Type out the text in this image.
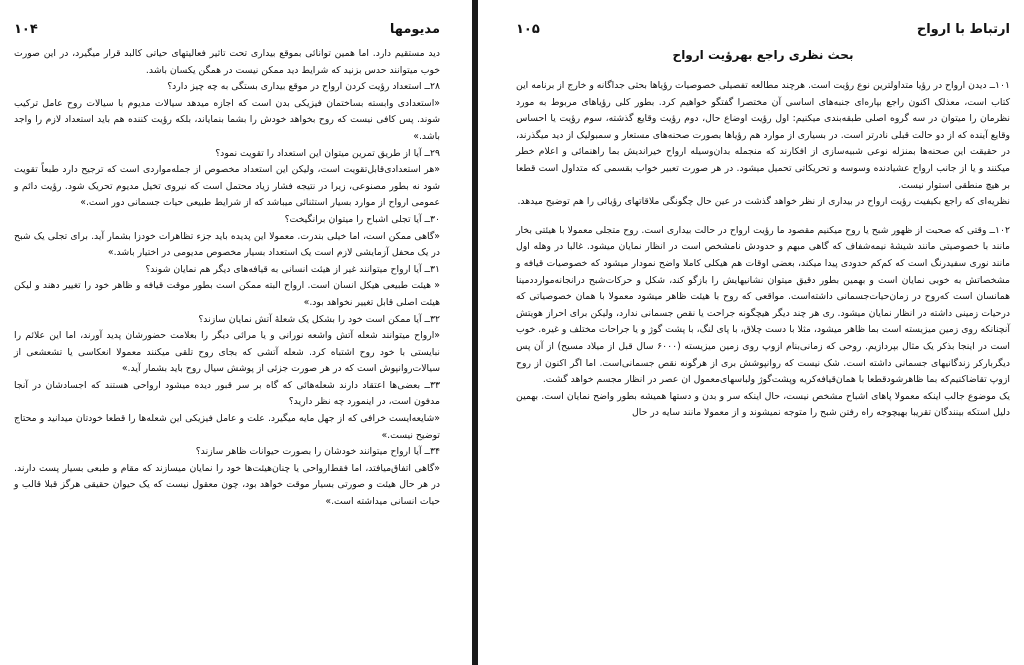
مدیومها
۱۰۴

دید مستقیم دارد. اما همین توانائی بموقع بیداری تحت تاثیر فعالیتهای حیاتی کالبد قرار میگیرد، در این صورت خوب میتوانند حدس بزنید که شرایط دید ممکن نیست در همگن یکسان باشد.

۲۸ــ استعداد رؤیت کردن ارواح در موقع بیداری بستگی به چه چیز دارد؟

«استعدادی وابسته بساختمان فیزیکی بدن است که اجازه میدهد سیالات مدیوم با سیالات روح عامل ترکیب شوند. پس کافی نیست که روح بخواهد خودش را بشما بنمایاند، بلکه رؤیت کننده هم باید استعداد لازم را واجد باشد.»

۲۹ــ آیا از طریق تمرین میتوان این استعداد را تقویت نمود؟

«هر استعدادی‌قابل‌تقویت است، ولیکن این استعداد مخصوص از جمله‌مواردی است که ترجیح دارد طبعاً تقویت شود نه بطور مصنوعی، زیرا در نتیجه فشار زیاد محتمل است که نیروی تخیل مدیوم تحریک شود. رؤیت دائم و عمومی ارواح از موارد بسیار استثنائی میباشد که از شرایط طبیعی حیات جسمانی دور است.»

۳۰ــ آیا تجلی اشباح را میتوان برانگیخت؟

«گاهی ممکن است، اما خیلی بندرت. معمولا این پدیده باید جزء تظاهرات خودزا بشمار آید. برای تجلی یک شبح در یک محفل آزمایشی لازم است یک استعداد بسیار مخصوص مدیومی در اختیار باشد.»

۳۱ــ آیا ارواح میتوانند غیر از هیئت انسانی به قیافه‌های دیگر هم نمایان شوند؟

« هیئت طبیعی هیکل انسان است. ارواح البته ممکن است بطور موقت قیافه و ظاهر خود را تغییر دهند و لیکن هیئت اصلی قابل تغییر نخواهد بود.»

۳۲ــ آیا ممکن است خود را بشکل یک شعلهٔ آتش نمایان سازند؟

«ارواح میتوانند شعله آتش واشعه نورانی و یا مرائی دیگر را بعلامت حضورشان پدید آورند، اما این علائم را نبایستی با خود روح اشتباه کرد. شعله آتشی که بجای روح تلقی میکنند معمولا انعکاسی یا تشعشعی از سیالات‌روانپوش است که در هر صورت جزئی از پوشش سیال روح باید بشمار آید.»

۳۳ــ بعضی‌ها اعتقاد دارند شعله‌هائی که گاه بر سر قبور دیده میشود ارواحی هستند که اجسادشان در آنجا مدفون است، در اینمورد چه نظر دارید؟

«شایعه‌ایست خرافی که از جهل مایه میگیرد. علت و عامل فیزیکی این شعله‌ها را قطعا خودتان میدانید و محتاج توضیح نیست.»

۳۴ــ آیا ارواح میتوانند خودشان را بصورت حیوانات ظاهر سازند؟

«گاهی اتفاق‌میافتد، اما فقط‌ارواحی یا چنان‌هیئت‌ها خود را نمایان میسازند که مقام و طبعی بسیار پست دارند. در هر حال هیئت و صورتی بسیار موقت خواهد بود، چون معقول نیست که یک حیوان حقیقی هرگز قبلا قالب و حیات انسانی میداشته است.»

ارتباط با ارواح
۱۰۵
بحث نظری راجع بهرؤیت ارواح

۱۰۱ــ دیدن ارواح در رؤیا متداولترین نوع رؤیت است. هرچند مطالعه تفصیلی خصوصیات رؤیاها بحثی جداگانه و خارج از برنامه این کتاب است، معذلک اکنون راجع بپاره‌ای جنبه‌های اساسی آن مختصرا گفتگو خواهیم کرد. بطور کلی رؤیاهای مربوط به مورد نظرمان را میتوان در سه گروه اصلی طبقه‌بندی میکنیم: اول رؤیت اوضاع حال، دوم رؤیت وقایع گذشته، سوم رؤیت یا احساس وقایع آینده که از دو حالت قبلی نادرتر است. در بسیاری از موارد هم رؤیاها بصورت صحنه‌های مستعار و سمبولیک از دید میگذرند، در حقیقت این صحنه‌ها بمنزله نوعی شبیه‌سازی از افکارند که منجمله بدان‌وسیله ارواح خیراندیش بما راهنمائی و اعلام خطر میکنند و یا از جانب ارواح عشیادنده وسوسه و تحریکاتی تحمیل میشود. در هر صورت تعبیر خواب بقسمی که متداول است قطعا بر هیچ منطقی استوار نیست.

نظریه‌ای که راجع بکیفیت رؤیت ارواح در بیداری از نظر خواهد گذشت در عین حال چگونگی ملاقاتهای رؤیائی را هم توضیح میدهد.

۱۰۲ــ وقتی که صحبت از ظهور شبح یا روح میکنیم مقصود ما رؤیت ارواح در حالت بیداری است. روح متجلی معمولا با هیئتی بخار مانند با خصوصیتی مانند شیشهٔ نیمه‌شفاف که گاهی مبهم و حدودش نامشخص است در انظار نمایان میشود. غالبا در وهله اول مانند نوری سفیدرنگ است که کم‌کم حدودی پیدا میکند، بعضی اوقات هم هیکلی کاملا واضح نمودار میشود که خصوصیات قیافه و مشخصاتش به خوبی نمایان است و بهمین بطور دقیق میتوان نشانیهایش را بازگو کند، شکل و حرکات‌شبح درانجانه‌موارددمینا همانسان‌ است که‌روح در زمان‌حیات‌جسمانی داشته‌است. مواقعی که روح با هیئت ظاهر میشود معمولا با همان خصوصیاتی که درحیات زمینی داشته در انظار نمایان میشود. ری هر چند دیگر هیچگونه جراحت یا نقص جسمانی ندارد، ولیکن برای احراز هویتش آنچنانکه روی زمین میزیسته است بما ظاهر میشود، مثلا با دست چلاق، با پای لنگ، با پشت گوژ و یا جراحات مختلف و غیره. خوب است در اینجا بذکر یک مثال بپردازیم. روحی که زمانی‌بنام ازوپ روی زمین میزیسته (۶۰۰۰ سال قبل از میلاد مسیح) از آن پس ‌دیگربارکر زندگانیهای جسمانی داشته است. شک نیست که روانپوشش بری از هرگونه نقص جسمانی‌است. اما اگر اکنون از روح ازوپ تقاضاکنیم‌که بما ظاهرشود‌قطعا با همان‌قیافه‌کریه وپشت‌گوژ ولباسهای‌معمول ان عصر در انظار مجسم خواهد گشت.

یک موضوع جالب اینکه معمولا پاهای اشباح مشخص نیست، حال اینکه سر و بدن و دستها همیشه بطور واضح نمایان است. بهمین دلیل استکه بینندگان تقریبا بهیچوجه راه رفتن شبح را متوجه نمیشوند و از معمولا مانند سایه در حال
